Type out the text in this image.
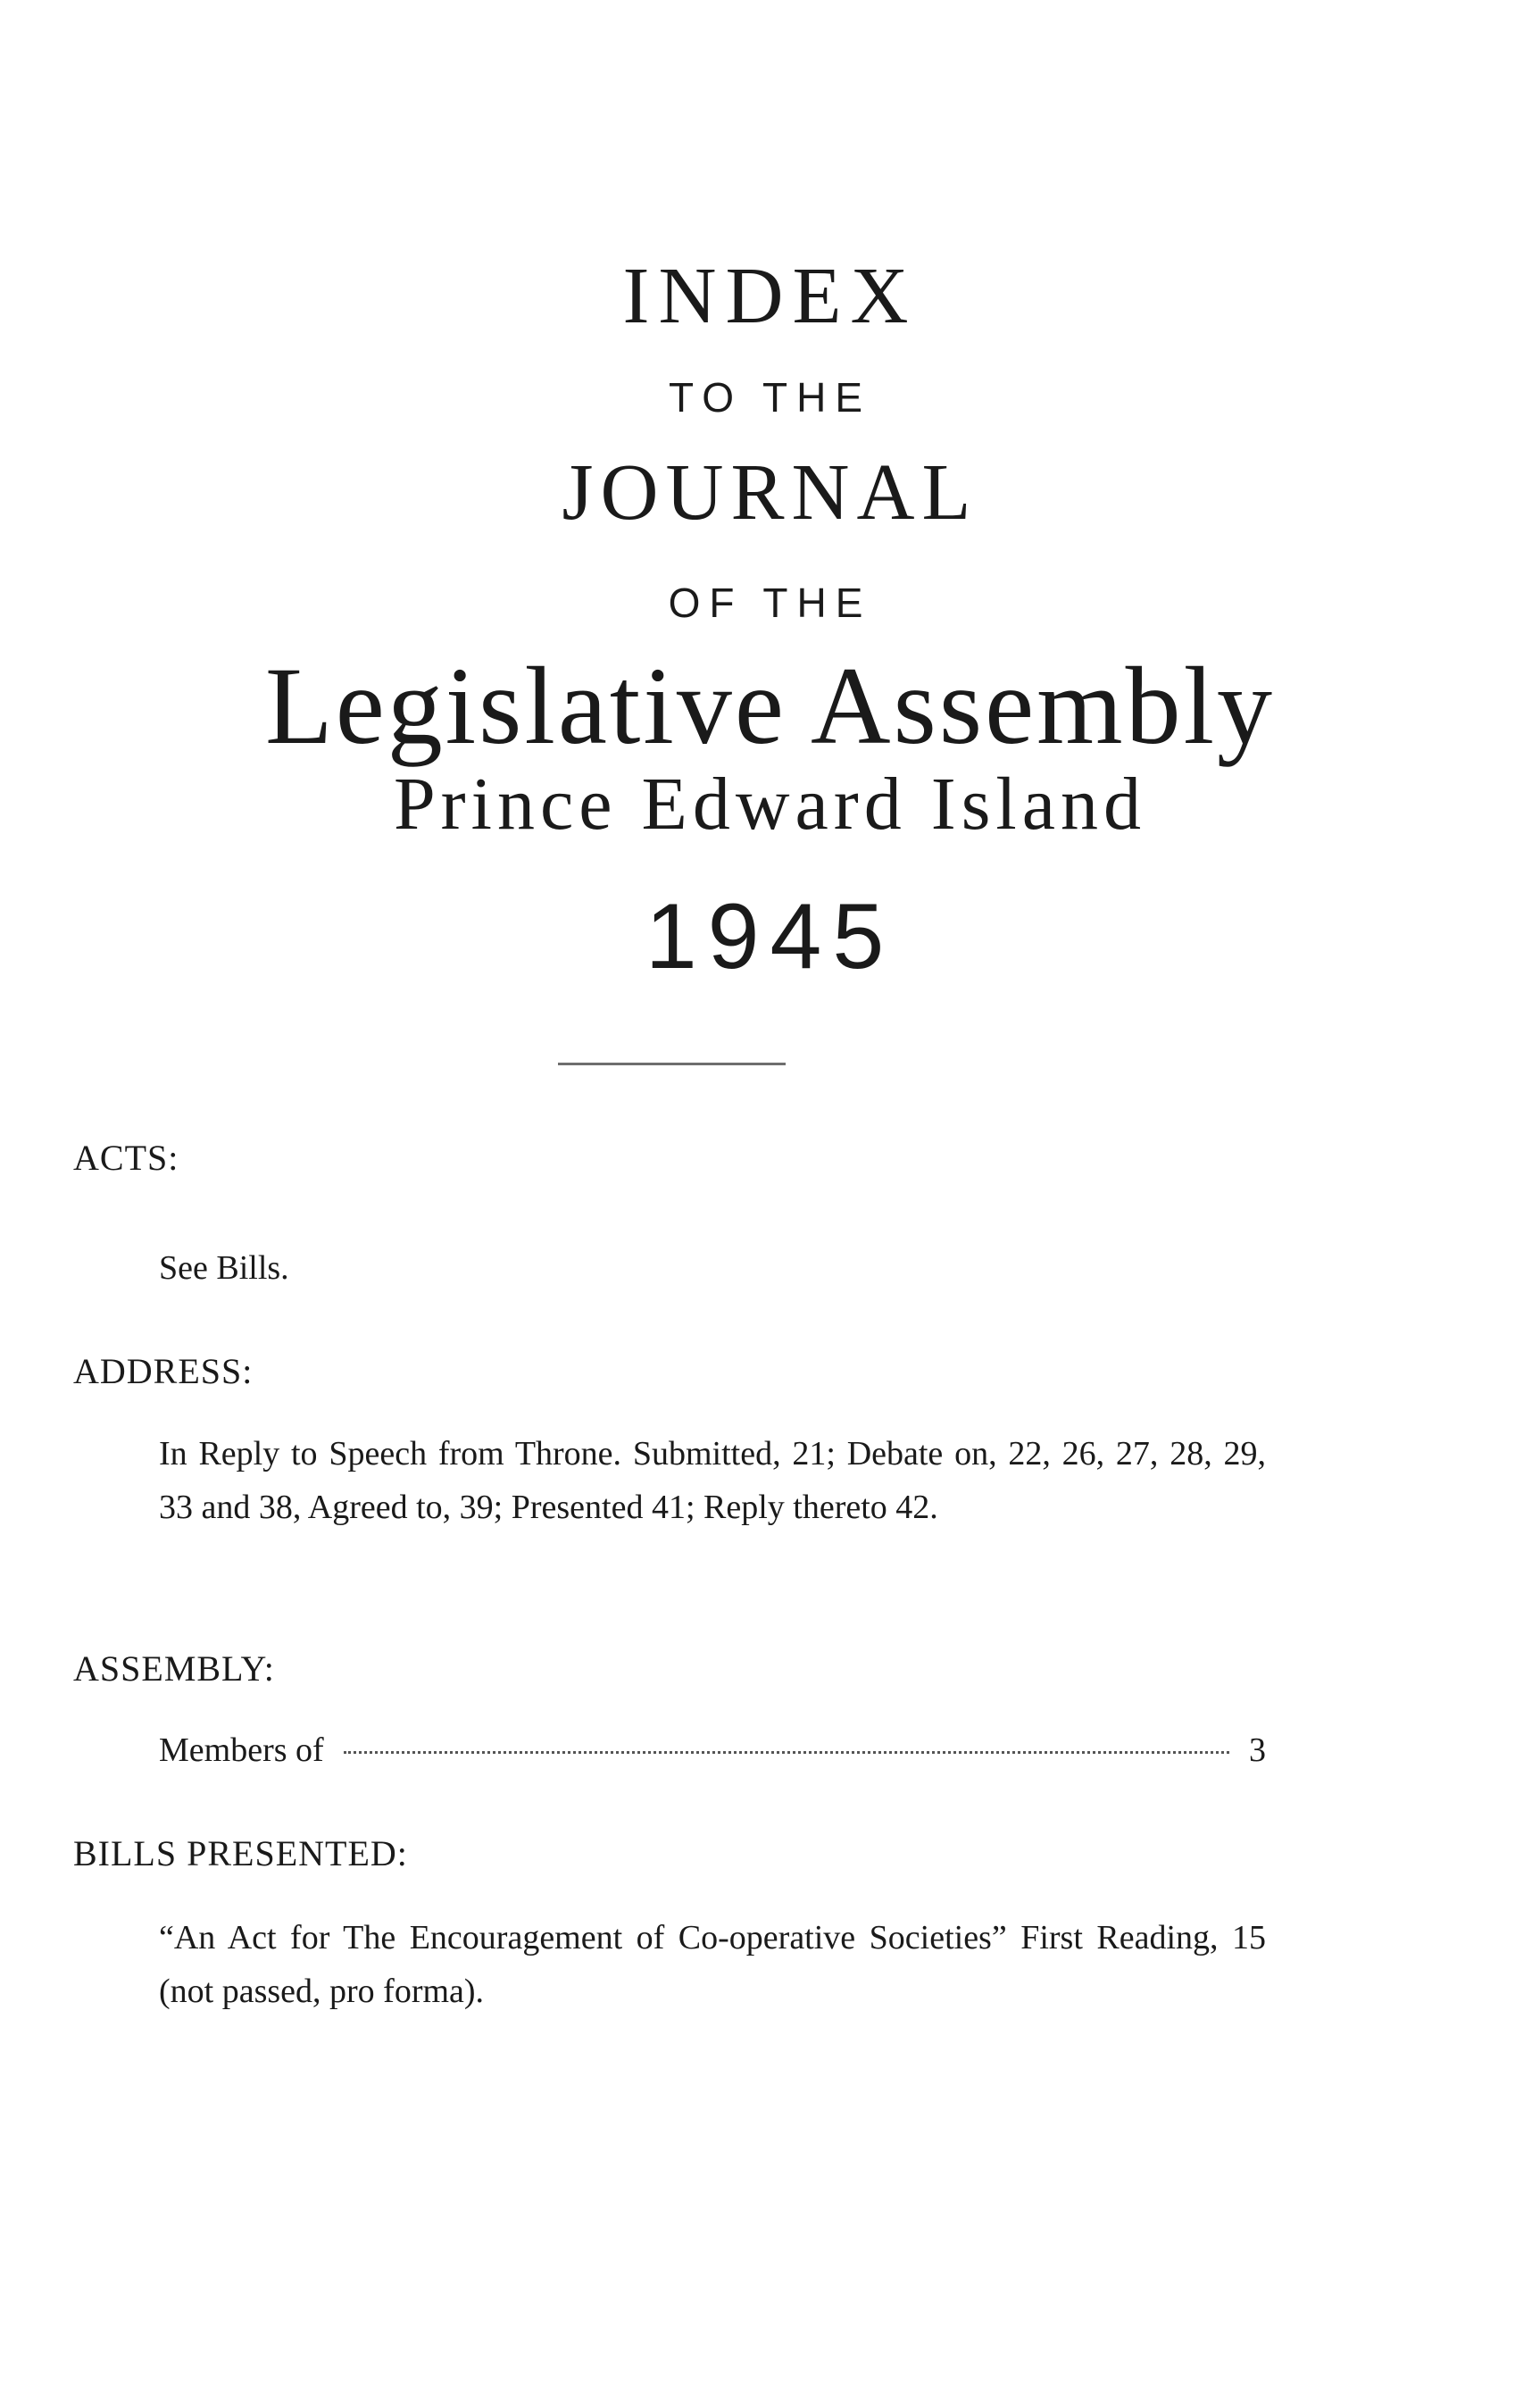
INDEX
TO THE
JOURNAL
OF THE
Legislative Assembly
Prince Edward Island
1945
ACTS:
See Bills.
ADDRESS:
In Reply to Speech from Throne. Submitted, 21; Debate on, 22, 26, 27, 28, 29, 33 and 38, Agreed to, 39; Presented 41; Reply thereto 42.
ASSEMBLY:
Members of	3
BILLS PRESENTED:
“An Act for The Encouragement of Co-operative Societies” First Reading, 15 (not passed, pro forma).
